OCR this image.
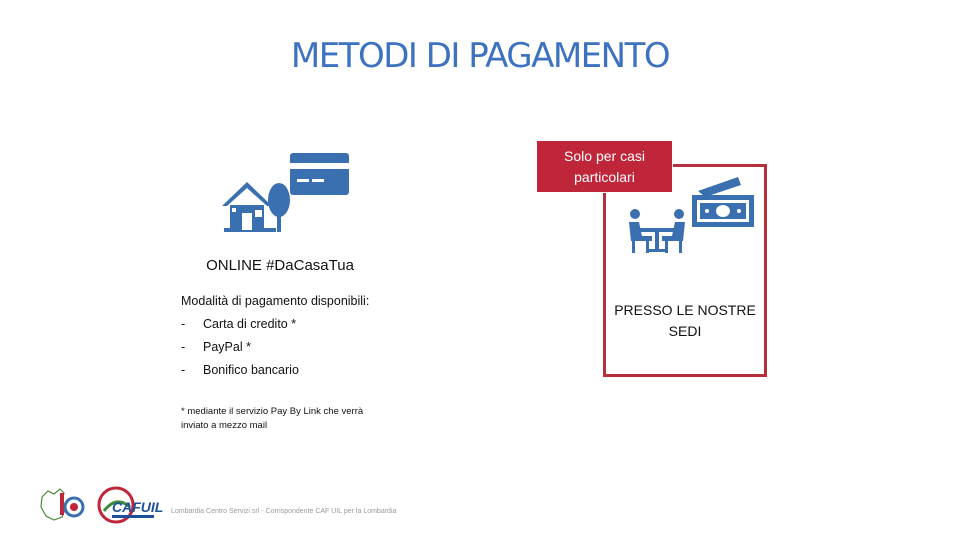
METODI DI PAGAMENTO
ONLINE #DaCasaTua
Modalità di pagamento disponibili:
- Carta di credito *
- PayPal *
- Bonifico bancario
* mediante il servizio Pay By Link che verrà inviato a mezzo mail
Solo per casi particolari
PRESSO LE NOSTRE SEDI
CAFUIL Lombardia Centro Servizi srl - Corrispondente CAF UIL per la Lombardia
